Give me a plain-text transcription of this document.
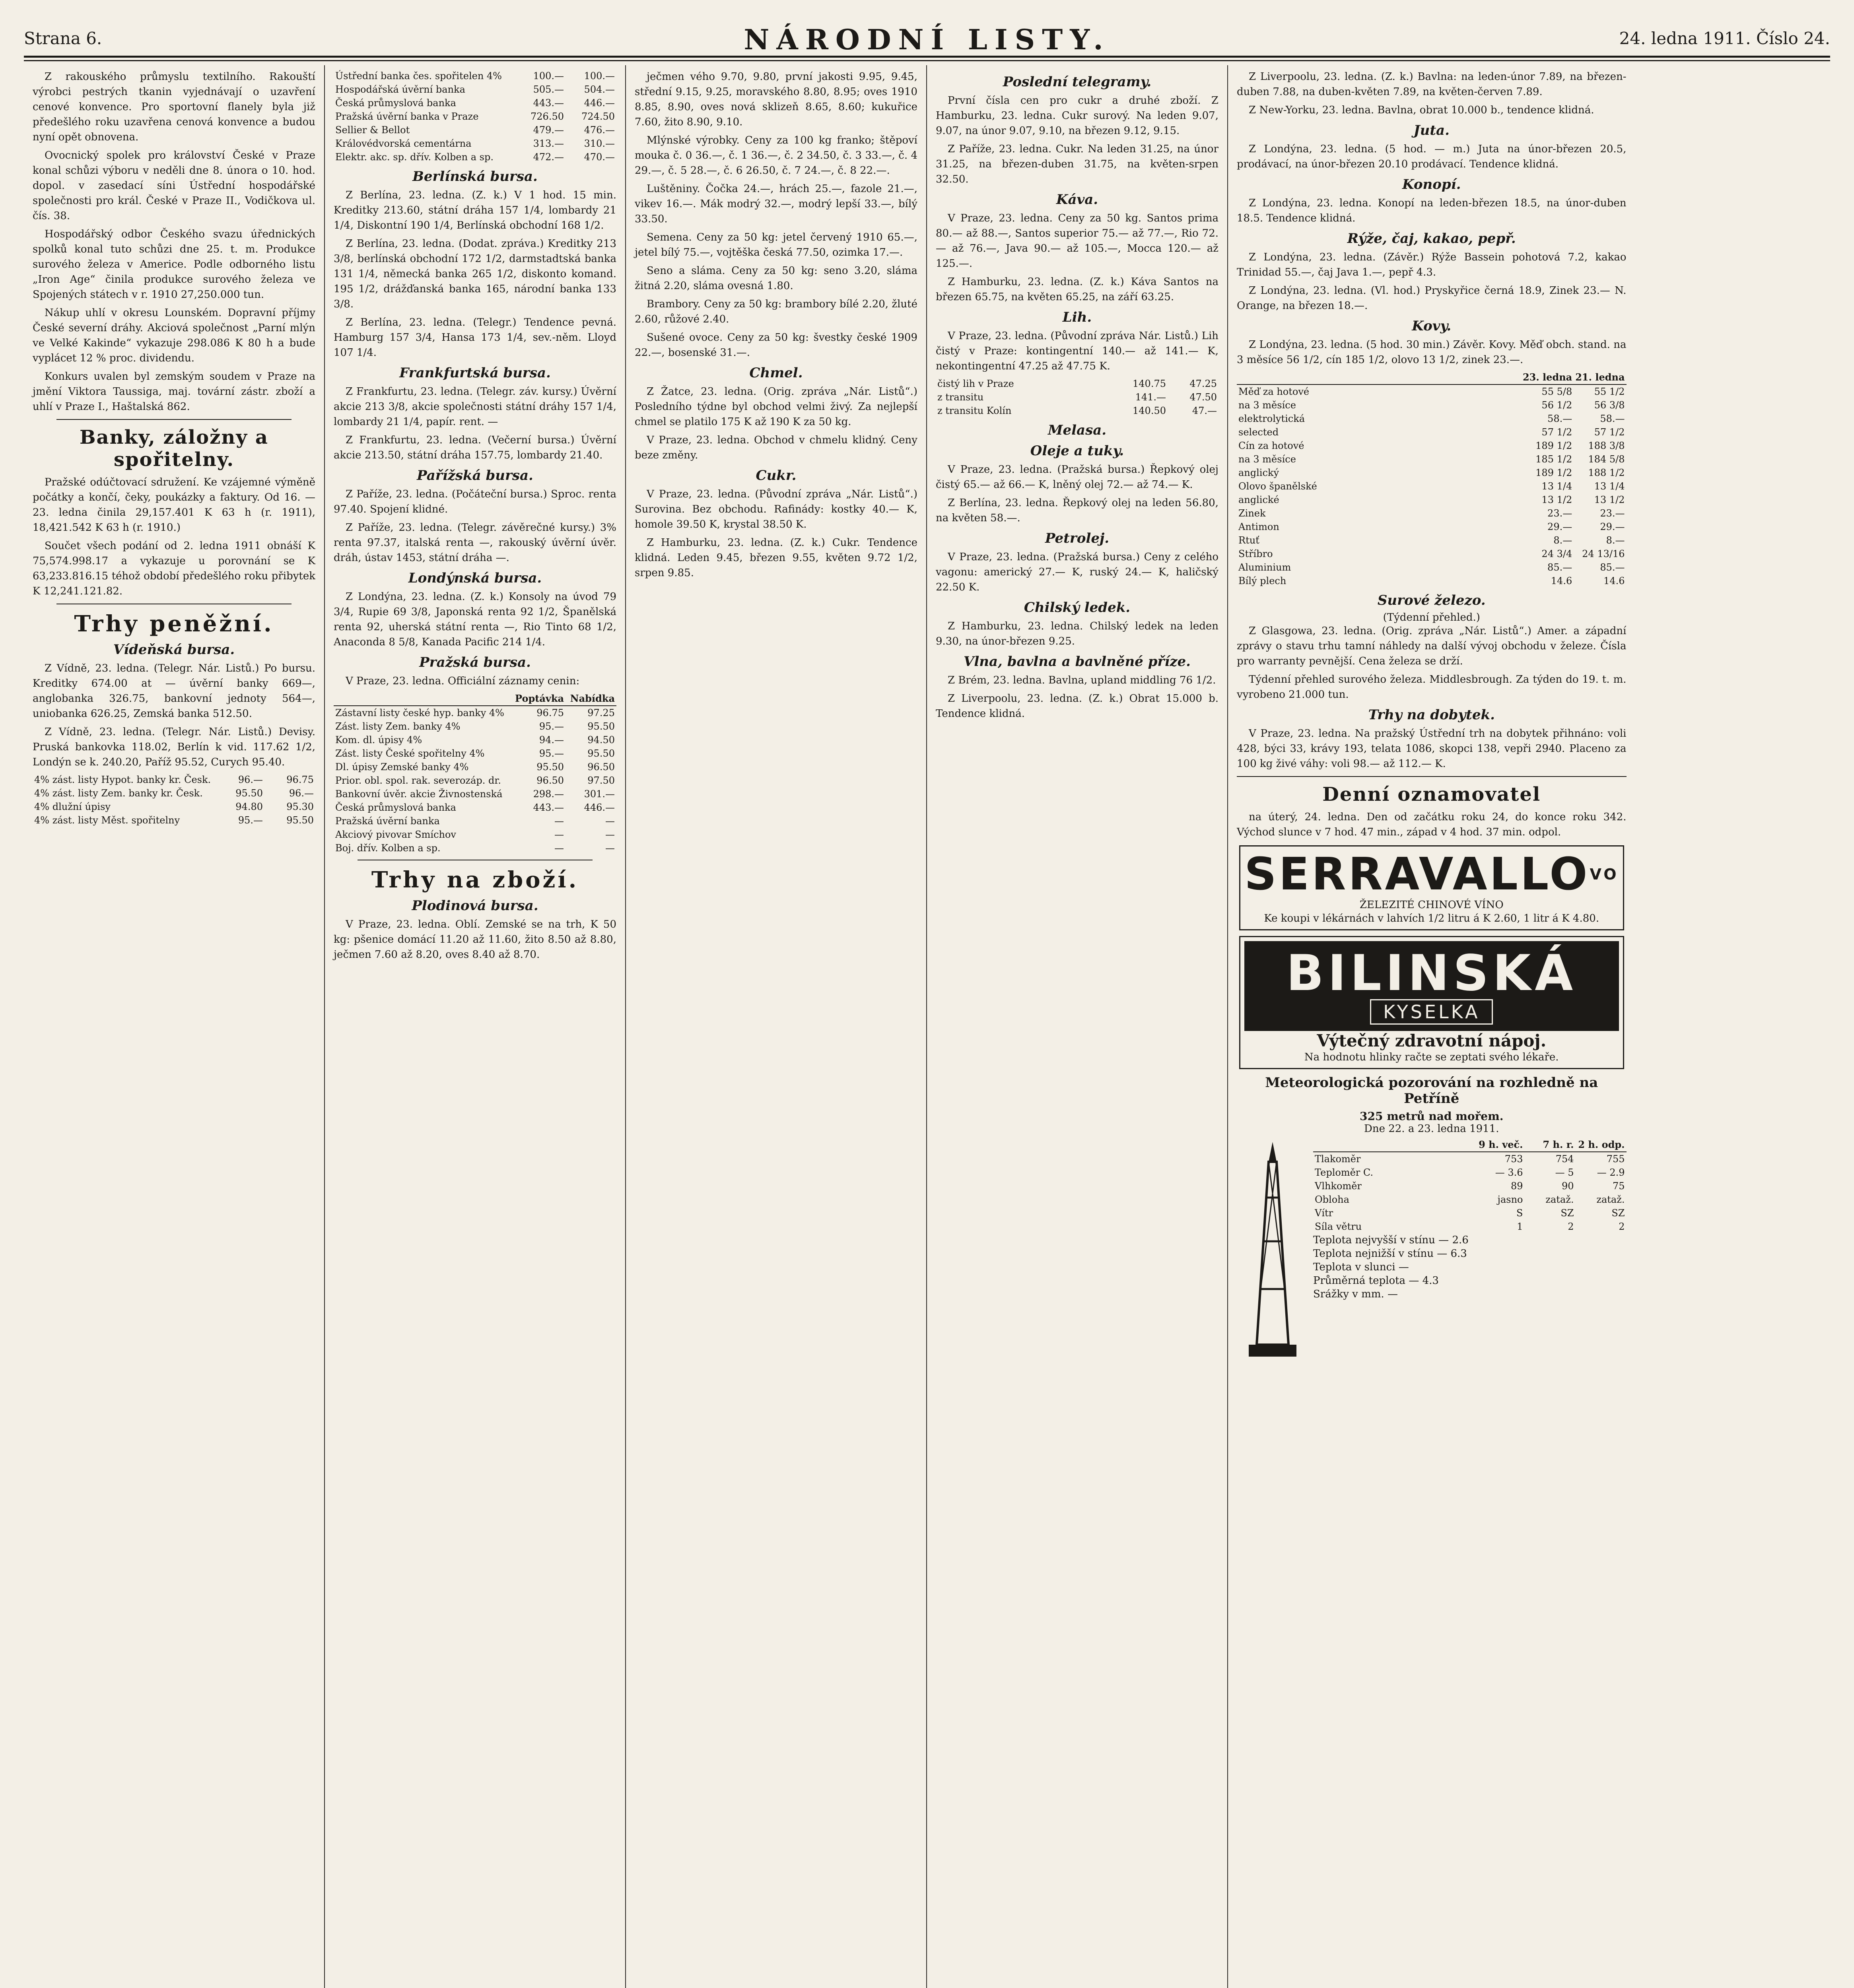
Strana 6.	NÁRODNÍ LISTY.	24. ledna 1911. Číslo 24.

Z rakouského průmyslu textilního. Rakouští výrobci pestrých tkanin vyjednávají o uzavření cenové konvence. Pro sportovní flanely byla již předešlého roku uzavřena cenová konvence a budou nyní opět obnovena.

Ovocnický spolek pro království České v Praze konal schůzi výboru v neděli dne 8. února o 10. hod. dopol. v zasedací síni Ústřední hospodářské společnosti pro král. České v Praze II., Vodičkova ul. čís. 38.

Hospodářský odbor Českého svazu úřednických spolků konal tuto schůzi dne 25. t. m. Produkce surového železa v Americe. Podle odborného listu „Iron Age“ činila produkce surového železa ve Spojených státech v r. 1910 27,250.000 tun.

Nákup uhlí v okresu Lounském. Dopravní příjmy České severní dráhy. Akciová společnost „Parní mlýn ve Velké Kakinde“ vykazuje 298.086 K 80 h a bude vyplácet 12 % proc. dividendu.

Konkurs uvalen byl zemským soudem v Praze na jmění Viktora Taussiga, maj. tovární zástr. zboží a uhlí v Praze I., Haštalská 862.

Banky, záložny a spořitelny.

Pražské odúčtovací sdružení. Ke vzájemné výměně počátky a končí, čeky, poukázky a faktury. Od 16. — 23. ledna činila 29,157.401 K 63 h (r. 1911), 18,421.542 K 63 h (r. 1910.)

Součet všech podání od 2. ledna 1911 obnáší K 75,574.998.17 a vykazuje u porovnání se K 63,233.816.15 téhož období předešlého roku přibytek K 12,241.121.82.

Trhy peněžní.
Vídeňská bursa.

Z Vídně, 23. ledna. (Telegr. Nár. Listů.) Po bursu. Kreditky 674.00 at — úvěrní banky 669—, anglobanka 326.75, bankovní jednoty 564—, uniobanka 626.25, Zemská banka 512.50.

Z Vídně, 23. ledna. (Telegr. Nár. Listů.) Devisy. Pruská bankovka 118.02, Berlín k vid. 117.62 1/2, Londýn se k. 240.20, Paříž 95.52, Curych 95.40.

4% zást. listy Hypot. banky kr. Česk.	96.—	96.75
4% zást. listy Zem. banky kr. Česk.	95.50	96.—
4% dlužní úpisy	94.80	95.30
4% zást. listy Měst. spořitelny	95.—	95.50
Ústřední banka čes. spořitelen 4%	100.—	100.—
Hospodářská úvěrní banka	505.—	504.—
Česká průmyslová banka	443.—	446.—
Pražská úvěrní banka v Praze	726.50	724.50
Sellier & Bellot	479.—	476.—
Královédvorská cementárna	313.—	310.—
Elektr. akc. sp. dřív. Kolben a sp.	472.—	470.—
Berlínská bursa.

Z Berlína, 23. ledna. (Z. k.) V 1 hod. 15 min. Kreditky 213.60, státní dráha 157 1/4, lombardy 21 1/4, Diskontní 190 1/4, Berlínská obchodní 168 1/2.

Z Berlína, 23. ledna. (Dodat. zpráva.) Kreditky 213 3/8, berlínská obchodní 172 1/2, darmstadtská banka 131 1/4, německá banka 265 1/2, diskonto komand. 195 1/2, drážďanská banka 165, národní banka 133 3/8.

Z Berlína, 23. ledna. (Telegr.) Tendence pevná. Hamburg 157 3/4, Hansa 173 1/4, sev.-něm. Lloyd 107 1/4.

Frankfurtská bursa.

Z Frankfurtu, 23. ledna. (Telegr. záv. kursy.) Úvěrní akcie 213 3/8, akcie společnosti státní dráhy 157 1/4, lombardy 21 1/4, papír. rent. —

Z Frankfurtu, 23. ledna. (Večerní bursa.) Úvěrní akcie 213.50, státní dráha 157.75, lombardy 21.40.

Pařížská bursa.

Z Paříže, 23. ledna. (Počáteční bursa.) Sproc. renta 97.40. Spojení klidné.

Z Paříže, 23. ledna. (Telegr. závěrečné kursy.) 3% renta 97.37, italská renta —, rakouský úvěrní úvěr. dráh, ústav 1453, státní dráha —.

Londýnská bursa.

Z Londýna, 23. ledna. (Z. k.) Konsoly na úvod 79 3/4, Rupie 69 3/8, Japonská renta 92 1/2, Španělská renta 92, uherská státní renta —, Rio Tinto 68 1/2, Anaconda 8 5/8, Kanada Pacific 214 1/4.

Pražská bursa.

V Praze, 23. ledna. Officiální záznamy cenin:

	Poptávka	Nabídka
Zástavní listy české hyp. banky 4%	96.75	97.25
Zást. listy Zem. banky 4%	95.—	95.50
Kom. dl. úpisy 4%	94.—	94.50
Zást. listy České spořitelny 4%	95.—	95.50
Dl. úpisy Zemské banky 4%	95.50	96.50
Prior. obl. spol. rak. severozáp. dr.	96.50	97.50
Bankovní úvěr. akcie Živnostenská	298.—	301.—
Česká průmyslová banka	443.—	446.—
Pražská úvěrní banka	—	—
Akciový pivovar Smíchov	—	—
Boj. dřív. Kolben a sp.	—	—
Trhy na zboží.
Plodinová bursa.

V Praze, 23. ledna. Oblí. Zemské se na trh, K 50 kg: pšenice domácí 11.20 až 11.60, žito 8.50 až 8.80, ječmen 7.60 až 8.20, oves 8.40 až 8.70.

ječmen vého 9.70, 9.80, první jakosti 9.95, 9.45, střední 9.15, 9.25, moravského 8.80, 8.95; oves 1910 8.85, 8.90, oves nová sklizeň 8.65, 8.60; kukuřice 7.60, žito 8.90, 9.10.

Mlýnské výrobky. Ceny za 100 kg franko; štěpoví mouka č. 0 36.—, č. 1 36.—, č. 2 34.50, č. 3 33.—, č. 4 29.—, č. 5 28.—, č. 6 26.50, č. 7 24.—, č. 8 22.—.

Luštěniny. Čočka 24.—, hrách 25.—, fazole 21.—, vikev 16.—. Mák modrý 32.—, modrý lepší 33.—, bílý 33.50.

Semena. Ceny za 50 kg: jetel červený 1910 65.—, jetel bílý 75.—, vojtěška česká 77.50, ozimka 17.—.

Seno a sláma. Ceny za 50 kg: seno 3.20, sláma žitná 2.20, sláma ovesná 1.80.

Brambory. Ceny za 50 kg: brambory bílé 2.20, žluté 2.60, růžové 2.40.

Sušené ovoce. Ceny za 50 kg: švestky české 1909 22.—, bosenské 31.—.

Chmel.

Z Žatce, 23. ledna. (Orig. zpráva „Nár. Listů“.) Posledního týdne byl obchod velmi živý. Za nejlepší chmel se platilo 175 K až 190 K za 50 kg.

V Praze, 23. ledna. Obchod v chmelu klidný. Ceny beze změny.

Cukr.

V Praze, 23. ledna. (Původní zpráva „Nár. Listů“.) Surovina. Bez obchodu. Rafinády: kostky 40.— K, homole 39.50 K, krystal 38.50 K.

Z Hamburku, 23. ledna. (Z. k.) Cukr. Tendence klidná. Leden 9.45, březen 9.55, květen 9.72 1/2, srpen 9.85.

Poslední telegramy.

První čísla cen pro cukr a druhé zboží. Z Hamburku, 23. ledna. Cukr surový. Na leden 9.07, 9.07, na únor 9.07, 9.10, na březen 9.12, 9.15.

Z Paříže, 23. ledna. Cukr. Na leden 31.25, na únor 31.25, na březen-duben 31.75, na květen-srpen 32.50.

Káva.

V Praze, 23. ledna. Ceny za 50 kg. Santos prima 80.— až 88.—, Santos superior 75.— až 77.—, Rio 72.— až 76.—, Java 90.— až 105.—, Mocca 120.— až 125.—.

Z Hamburku, 23. ledna. (Z. k.) Káva Santos na březen 65.75, na květen 65.25, na září 63.25.

Lih.

V Praze, 23. ledna. (Původní zpráva Nár. Listů.) Lih čistý v Praze: kontingentní 140.— až 141.— K, nekontingentní 47.25 až 47.75 K.

čistý lih v Praze	140.75	47.25
z transitu	141.—	47.50
z transitu Kolín	140.50	47.—
Melasa.
Oleje a tuky.

V Praze, 23. ledna. (Pražská bursa.) Řepkový olej čistý 65.— až 66.— K, lněný olej 72.— až 74.— K.

Z Berlína, 23. ledna. Řepkový olej na leden 56.80, na květen 58.—.

Petrolej.

V Praze, 23. ledna. (Pražská bursa.) Ceny z celého vagonu: americký 27.— K, ruský 24.— K, haličský 22.50 K.

Chilský ledek.

Z Hamburku, 23. ledna. Chilský ledek na leden 9.30, na únor-březen 9.25.

Vlna, bavlna a bavlněné příze.

Z Brém, 23. ledna. Bavlna, upland middling 76 1/2.

Z Liverpoolu, 23. ledna. (Z. k.) Obrat 15.000 b. Tendence klidná.

Z Liverpoolu, 23. ledna. (Z. k.) Bavlna: na leden-únor 7.89, na březen-duben 7.88, na duben-květen 7.89, na květen-červen 7.89.

Z New-Yorku, 23. ledna. Bavlna, obrat 10.000 b., tendence klidná.

Juta.

Z Londýna, 23. ledna. (5 hod. — m.) Juta na únor-březen 20.5, prodávací, na únor-březen 20.10 prodávací. Tendence klidná.

Konopí.

Z Londýna, 23. ledna. Konopí na leden-březen 18.5, na únor-duben 18.5. Tendence klidná.

Rýže, čaj, kakao, pepř.

Z Londýna, 23. ledna. (Závěr.) Rýže Bassein pohotová 7.2, kakao Trinidad 55.—, čaj Java 1.—, pepř 4.3.

Z Londýna, 23. ledna. (Vl. hod.) Pryskyřice černá 18.9, Zinek 23.— N. Orange, na březen 18.—.

Kovy.

Z Londýna, 23. ledna. (5 hod. 30 min.) Závěr. Kovy. Měď obch. stand. na 3 měsíce 56 1/2, cín 185 1/2, olovo 13 1/2, zinek 23.—.

	23. ledna	21. ledna
Měď za hotové	55 5/8	55 1/2
na 3 měsíce	56 1/2	56 3/8
elektrolytická	58.—	58.—
selected	57 1/2	57 1/2
Cín za hotové	189 1/2	188 3/8
na 3 měsíce	185 1/2	184 5/8
anglický	189 1/2	188 1/2
Olovo španělské	13 1/4	13 1/4
anglické	13 1/2	13 1/2
Zinek	23.—	23.—
Antimon	29.—	29.—
Rtuť	8.—	8.—
Stříbro	24 3/4	24 13/16
Aluminium	85.—	85.—
Bílý plech	14.6	14.6
Surové železo.
(Týdenní přehled.)

Z Glasgowa, 23. ledna. (Orig. zpráva „Nár. Listů“.) Amer. a západní zprávy o stavu trhu tamní náhledy na další vývoj obchodu v železe. Čísla pro warranty pevnější. Cena železa se drží.

Týdenní přehled surového železa. Middlesbrough. Za týden do 19. t. m. vyrobeno 21.000 tun.

Trhy na dobytek.

V Praze, 23. ledna. Na pražský Ústřední trh na dobytek přihnáno: voli 428, býci 33, krávy 193, telata 1086, skopci 138, vepři 2940. Placeno za 100 kg živé váhy: voli 98.— až 112.— K.

Denní oznamovatel

na úterý, 24. ledna. Den od začátku roku 24, do konce roku 342. Východ slunce v 7 hod. 47 min., západ v 4 hod. 37 min. odpol.

$SERRAVALLO^{VO}$
ŽELEZITÉ CHINOVÉ VÍNO
Ke koupi v lékárnách v lahvích 1/2 litru á K 2.60, 1 litr á K 4.80.
BILINSKÁ
KYSELKA
Výtečný zdravotní nápoj.
Na hodnotu hlinky račte se zeptati svého lékaře.
Meteorologická pozorování na rozhledně na Petříně
325 metrů nad mořem.
Dne 22. a 23. ledna 1911.
	9 h. več.	7 h. r.	2 h. odp.
Tlakoměr	753	754	755
Teploměr C.	— 3.6	— 5	— 2.9
Vlhkoměr	89	90	75
Oblohа	jasno	zataž.	zataž.
Vítr	S	SZ	SZ
Síla větru	1	2	2
Teplota nejvyšší v stínu — 2.6
Teplota nejnižší v stínu — 6.3
Teplota v slunci —
Průměrná teplota — 4.3
Srážky v mm. —
